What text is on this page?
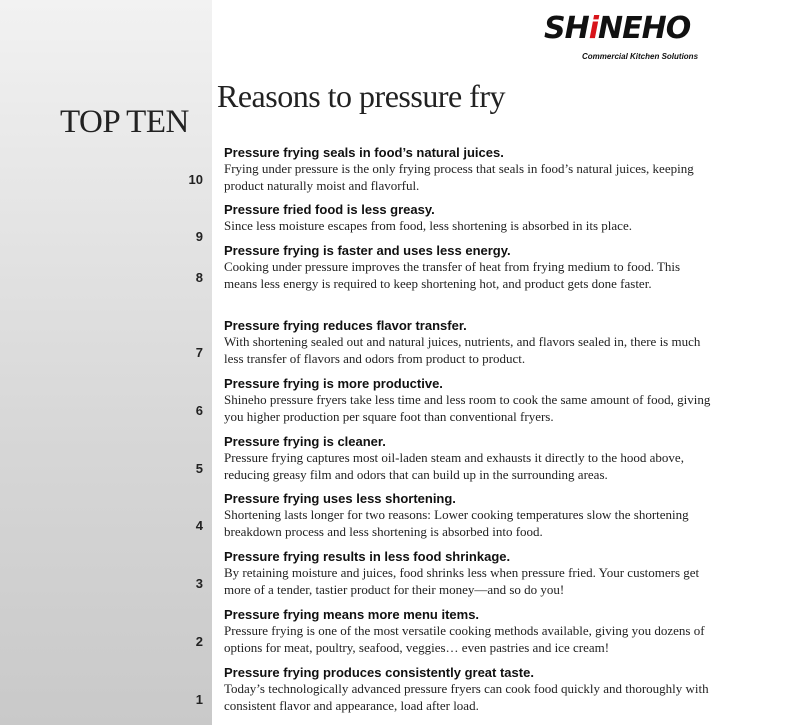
SHiNEHO
Commercial Kitchen Solutions
TOP TEN
Reasons to pressure fry
10
Pressure frying seals in food’s natural juices.
Frying under pressure is the only frying process that seals in food’s natural juices, keeping product naturally moist and flavorful.
9
Pressure fried food is less greasy.
Since less moisture escapes from food, less shortening is absorbed in its place.
8
Pressure frying is faster and uses less energy.
Cooking under pressure improves the transfer of heat from frying medium to food. This means less energy is required to keep shortening hot, and product gets done faster.
7
Pressure frying reduces flavor transfer.
With shortening sealed out and natural juices, nutrients, and flavors sealed in, there is much less transfer of flavors and odors from product to product.
6
Pressure frying is more productive.
Shineho pressure fryers take less time and less room to cook the same amount of food, giving you higher production per square foot than conventional fryers.
5
Pressure frying is cleaner.
Pressure frying captures most oil-laden steam and exhausts it directly to the hood above, reducing greasy film and odors that can build up in the surrounding areas.
4
Pressure frying uses less shortening.
Shortening lasts longer for two reasons: Lower cooking temperatures slow the shortening breakdown process and less shortening is absorbed into food.
3
Pressure frying results in less food shrinkage.
By retaining moisture and juices, food shrinks less when pressure fried. Your customers get more of a tender, tastier product for their money—and so do you!
2
Pressure frying means more menu items.
Pressure frying is one of the most versatile cooking methods available, giving you dozens of options for meat, poultry, seafood, veggies… even pastries and ice cream!
1
Pressure frying produces consistently great taste.
Today’s technologically advanced pressure fryers can cook food quickly and thoroughly with consistent flavor and appearance, load after load.
